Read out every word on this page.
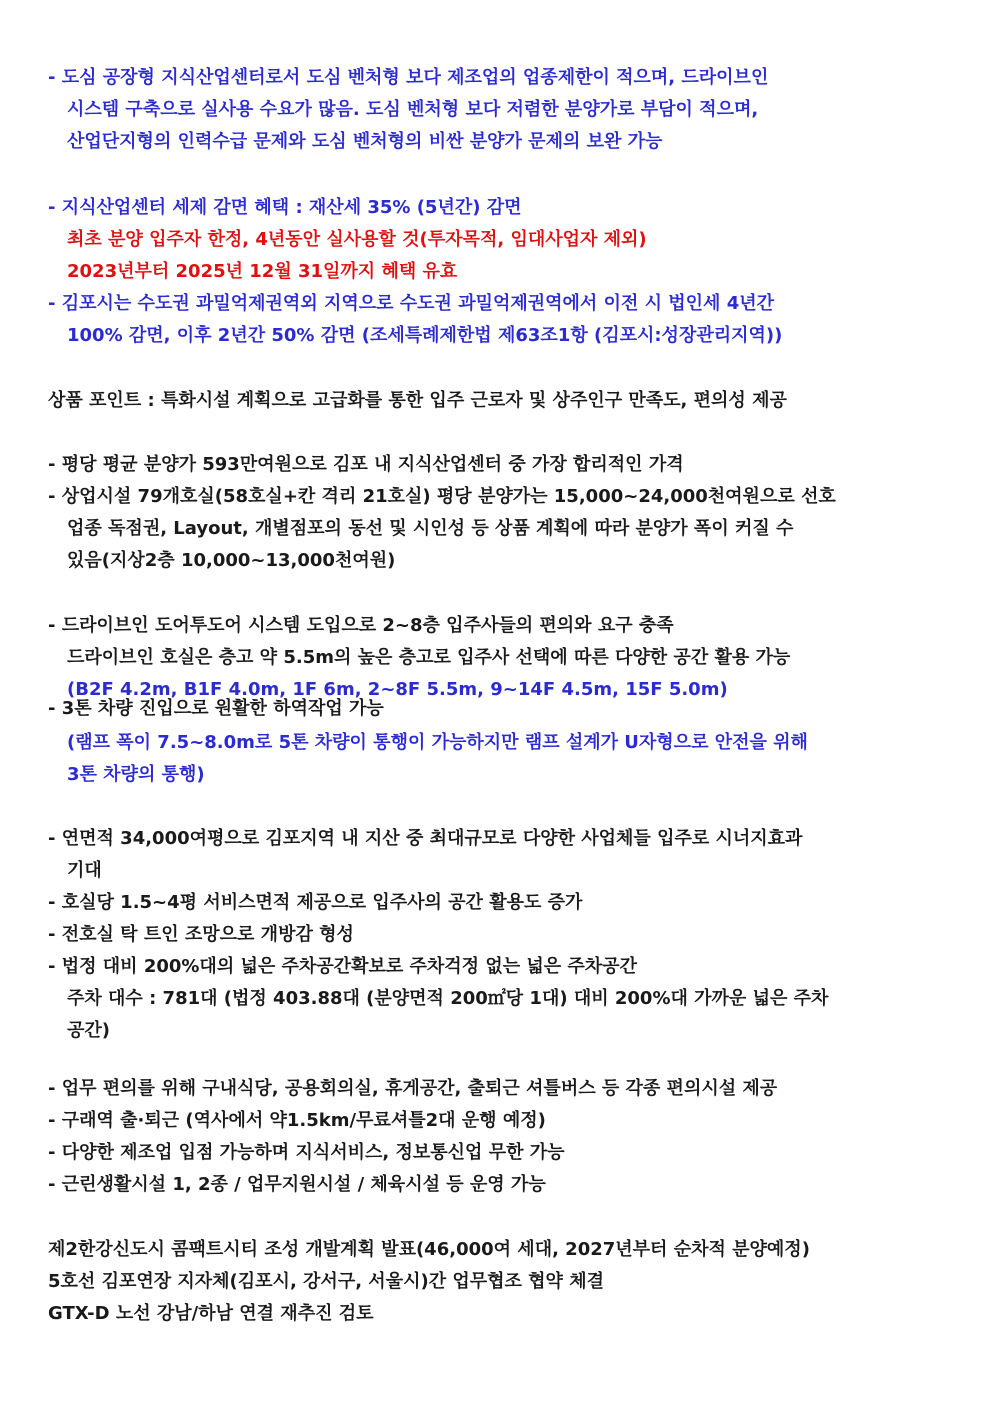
- 도심 공장형 지식산업센터로서 도심 벤처형 보다 제조업의 업종제한이 적으며, 드라이브인

시스템 구축으로 실사용 수요가 많음. 도심 벤처형 보다 저렴한 분양가로 부담이 적으며,

산업단지형의 인력수급 문제와 도심 벤처형의 비싼 분양가 문제의 보완 가능

- 지식산업센터 세제 감면 혜택 : 재산세 35% (5년간) 감면

최초 분양 입주자 한정, 4년동안 실사용할 것(투자목적, 임대사업자 제외)

2023년부터 2025년 12월 31일까지 혜택 유효

- 김포시는 수도권 과밀억제권역외 지역으로 수도권 과밀억제권역에서 이전 시 법인세 4년간

100% 감면, 이후 2년간 50% 감면 (조세특례제한법 제63조1항 (김포시:성장관리지역))

상품 포인트 : 특화시설 계획으로 고급화를 통한 입주 근로자 및 상주인구 만족도, 편의성 제공

- 평당 평균 분양가 593만여원으로 김포 내 지식산업센터 중 가장 합리적인 가격

- 상업시설 79개호실(58호실+칸 격리 21호실) 평당 분양가는 15,000~24,000천여원으로 선호

업종 독점권, Layout, 개별점포의 동선 및 시인성 등 상품 계획에 따라 분양가 폭이 커질 수

있음(지상2층 10,000~13,000천여원)

- 드라이브인 도어투도어 시스템 도입으로 2~8층 입주사들의 편의와 요구 충족

드라이브인 호실은 층고 약 5.5m의 높은 층고로 입주사 선택에 따른 다양한 공간 활용 가능

(B2F 4.2m, B1F 4.0m, 1F 6m, 2~8F 5.5m, 9~14F 4.5m, 15F 5.0m)

- 3톤 차량 진입으로 원활한 하역작업 가능

(램프 폭이 7.5~8.0m로 5톤 차량이 통행이 가능하지만 램프 설계가 U자형으로 안전을 위해

3톤 차량의 통행)

- 연면적 34,000여평으로 김포지역 내 지산 중 최대규모로 다양한 사업체들 입주로 시너지효과

기대

- 호실당 1.5~4평 서비스면적 제공으로 입주사의 공간 활용도 증가

- 전호실 탁 트인 조망으로 개방감 형성

- 법정 대비 200%대의 넓은 주차공간확보로 주차걱정 없는 넓은 주차공간

주차 대수 : 781대 (법정 403.88대 (분양면적 200㎡당 1대) 대비 200%대 가까운 넓은 주차

공간)

- 업무 편의를 위해 구내식당, 공용회의실, 휴게공간, 출퇴근 셔틀버스 등 각종 편의시설 제공

- 구래역 출·퇴근 (역사에서 약1.5km/무료셔틀2대 운행 예정)

- 다양한 제조업 입점 가능하며 지식서비스, 정보통신업 무한 가능

- 근린생활시설 1, 2종 / 업무지원시설 / 체육시설 등 운영 가능

제2한강신도시 콤팩트시티 조성 개발계획 발표(46,000여 세대, 2027년부터 순차적 분양예정)

5호선 김포연장 지자체(김포시, 강서구, 서울시)간 업무협조 협약 체결

GTX-D 노선 강남/하남 연결 재추진 검토
